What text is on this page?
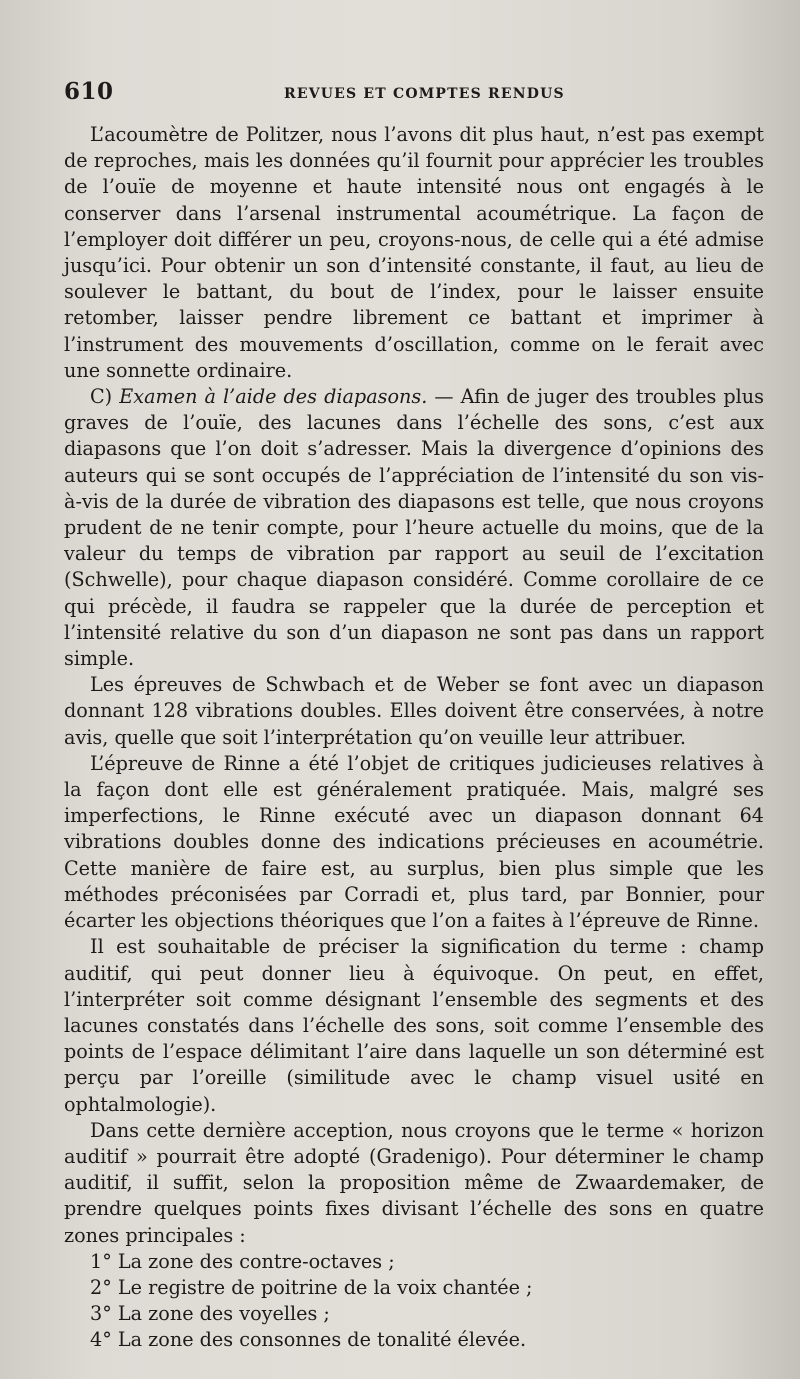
610	REVUES ET COMPTES RENDUS

L’acoumètre de Politzer, nous l’avons dit plus haut, n’est pas exempt de reproches, mais les données qu’il fournit pour apprécier les troubles de l’ouïe de moyenne et haute intensité nous ont engagés à le conserver dans l’arsenal instrumental acoumétrique. La façon de l’employer doit différer un peu, croyons-nous, de celle qui a été admise jusqu’ici. Pour obtenir un son d’intensité constante, il faut, au lieu de soulever le battant, du bout de l’index, pour le laisser ensuite retomber, laisser pendre librement ce battant et imprimer à l’instrument des mouvements d’oscillation, comme on le ferait avec une sonnette ordinaire.

C) Examen à l’aide des diapasons. — Afin de juger des troubles plus graves de l’ouïe, des lacunes dans l’échelle des sons, c’est aux diapasons que l’on doit s’adresser. Mais la divergence d’opinions des auteurs qui se sont occupés de l’appréciation de l’intensité du son vis-à-vis de la durée de vibration des diapasons est telle, que nous croyons prudent de ne tenir compte, pour l’heure actuelle du moins, que de la valeur du temps de vibration par rapport au seuil de l’excitation (Schwelle), pour chaque diapason considéré. Comme corollaire de ce qui précède, il faudra se rappeler que la durée de perception et l’intensité relative du son d’un diapason ne sont pas dans un rapport simple.

Les épreuves de Schwbach et de Weber se font avec un diapason donnant 128 vibrations doubles. Elles doivent être conservées, à notre avis, quelle que soit l’interprétation qu’on veuille leur attribuer.

L’épreuve de Rinne a été l’objet de critiques judicieuses relatives à la façon dont elle est généralement pratiquée. Mais, malgré ses imperfections, le Rinne exécuté avec un diapason donnant 64 vibrations doubles donne des indications précieuses en acoumétrie. Cette manière de faire est, au surplus, bien plus simple que les méthodes préconisées par Corradi et, plus tard, par Bonnier, pour écarter les objections théoriques que l’on a faites à l’épreuve de Rinne.

Il est souhaitable de préciser la signification du terme : champ auditif, qui peut donner lieu à équivoque. On peut, en effet, l’interpréter soit comme désignant l’ensemble des segments et des lacunes constatés dans l’échelle des sons, soit comme l’ensemble des points de l’espace délimitant l’aire dans laquelle un son déterminé est perçu par l’oreille (similitude avec le champ visuel usité en ophtalmologie).

Dans cette dernière acception, nous croyons que le terme « horizon auditif » pourrait être adopté (Gradenigo). Pour déterminer le champ auditif, il suffit, selon la proposition même de Zwaardemaker, de prendre quelques points fixes divisant l’échelle des sons en quatre zones principales :

1° La zone des contre-octaves ;
2° Le registre de poitrine de la voix chantée ;
3° La zone des voyelles ;
4° La zone des consonnes de tonalité élevée.
